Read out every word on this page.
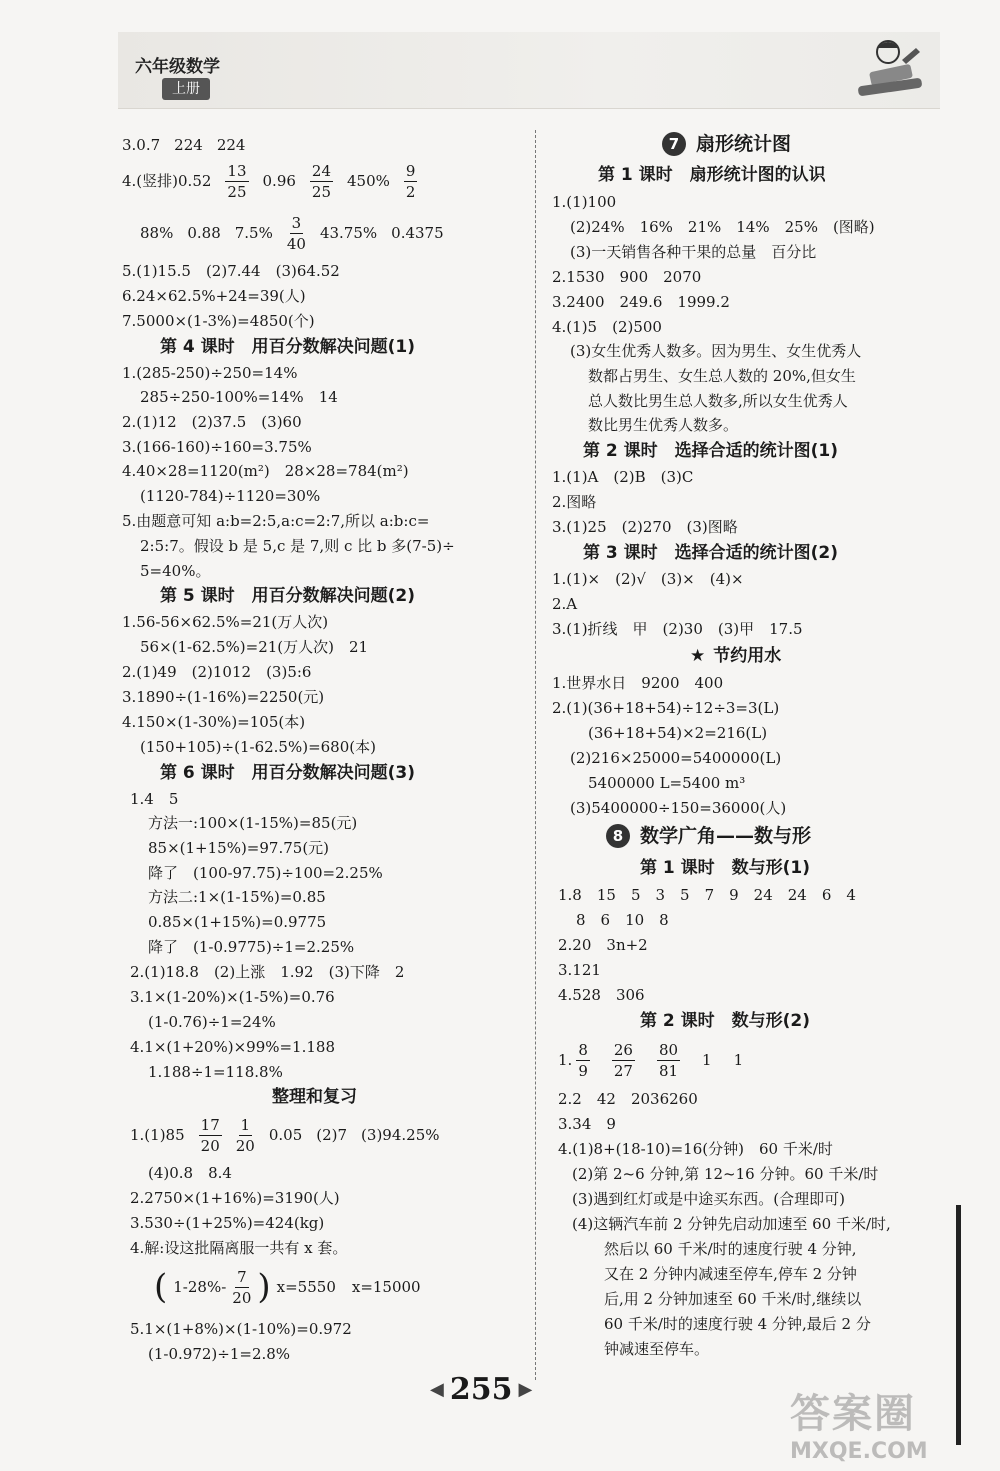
六年级数学
上册
3.0.7 224 224
4.(竖排)$0.52 \frac{13}{25} 0.96 \frac{24}{25} 450\% \frac{9}{2}$
88% 0.88 $7.5\% \frac{3}{40} 43.75\%$ 0.4375
5.(1)15.5　(2)7.44　(3)64.52
6.24×62.5%+24=39(人)
7.5000×(1-3%)=4850(个)
第 4 课时　用百分数解决问题(1)
1.(285-250)÷250=14%
285÷250-100%=14%　14
2.(1)12　(2)37.5　(3)60
3.(166-160)÷160=3.75%
4.40×28=1120(m²)　28×28=784(m²)
(1120-784)÷1120=30%
5.由题意可知 a:b=2:5,a:c=2:7,所以 a:b:c=
2:5:7。假设 b 是 5,c 是 7,则 c 比 b 多(7-5)÷
5=40%。
第 5 课时　用百分数解决问题(2)
1.56-56×62.5%=21(万人次)
56×(1-62.5%)=21(万人次)　21
2.(1)49　(2)1012　(3)5:6
3.1890÷(1-16%)=2250(元)
4.150×(1-30%)=105(本)
(150+105)÷(1-62.5%)=680(本)
第 6 课时　用百分数解决问题(3)
1.4　5
方法一:100×(1-15%)=85(元)
85×(1+15%)=97.75(元)
降了　(100-97.75)÷100=2.25%
方法二:1×(1-15%)=0.85
0.85×(1+15%)=0.9775
降了　(1-0.9775)÷1=2.25%
2.(1)18.8　(2)上涨　1.92　(3)下降　2
3.1×(1-20%)×(1-5%)=0.76
(1-0.76)÷1=24%
4.1×(1+20%)×99%=1.188
1.188÷1=118.8%
整理和复习
$1.(1)85 \frac{17}{20} \frac{1}{20} 0.05$ (2)7 (3)94.25%
(4)0.8　8.4
2.2750×(1+16%)=3190(人)
3.530÷(1+25%)=424(kg)
4.解:设这批隔离服一共有 x 套。
( $1-28\%- \frac{7}{20}$ ) x=5550 x=15000
5.1×(1+8%)×(1-10%)=0.972
(1-0.972)÷1=2.8%
7 扇形统计图
第 1 课时　扇形统计图的认识
1.(1)100
(2)24%　16%　21%　14%　25%　(图略)
(3)一天销售各种干果的总量　百分比
2.1530　900　2070
3.2400　249.6　1999.2
4.(1)5　(2)500
(3)女生优秀人数多。因为男生、女生优秀人
数都占男生、女生总人数的 20%,但女生
总人数比男生总人数多,所以女生优秀人
数比男生优秀人数多。
第 2 课时　选择合适的统计图(1)
1.(1)A　(2)B　(3)C
2.图略
3.(1)25　(2)270　(3)图略
第 3 课时　选择合适的统计图(2)
1.(1)×　(2)√　(3)×　(4)×
2.A
3.(1)折线　甲　(2)30　(3)甲　17.5
★ 节约用水
1.世界水日　9200　400
2.(1)(36+18+54)÷12÷3=3(L)
(36+18+54)×2=216(L)
(2)216×25000=5400000(L)
5400000 L=5400 m³
(3)5400000÷150=36000(人)
8 数学广角——数与形
第 1 课时　数与形(1)
1.8　15　5　3　5　7　9　24　24　6　4
8　6　10　8
2.20　3n+2
3.121
4.528　306
第 2 课时　数与形(2)
1. $\frac{8}{9} \frac{26}{27} \frac{80}{81} 1$ 1
2.2　42　2036260
3.34　9
4.(1)8+(18-10)=16(分钟)　60 千米/时
(2)第 2~6 分钟,第 12~16 分钟。60 千米/时
(3)遇到红灯或是中途买东西。(合理即可)
(4)这辆汽车前 2 分钟先启动加速至 60 千米/时,
然后以 60 千米/时的速度行驶 4 分钟,
又在 2 分钟内减速至停车,停车 2 分钟
后,用 2 分钟加速至 60 千米/时,继续以
60 千米/时的速度行驶 4 分钟,最后 2 分
钟减速至停车。
◀ 255 ▶
答案圈
MXQE.COM
